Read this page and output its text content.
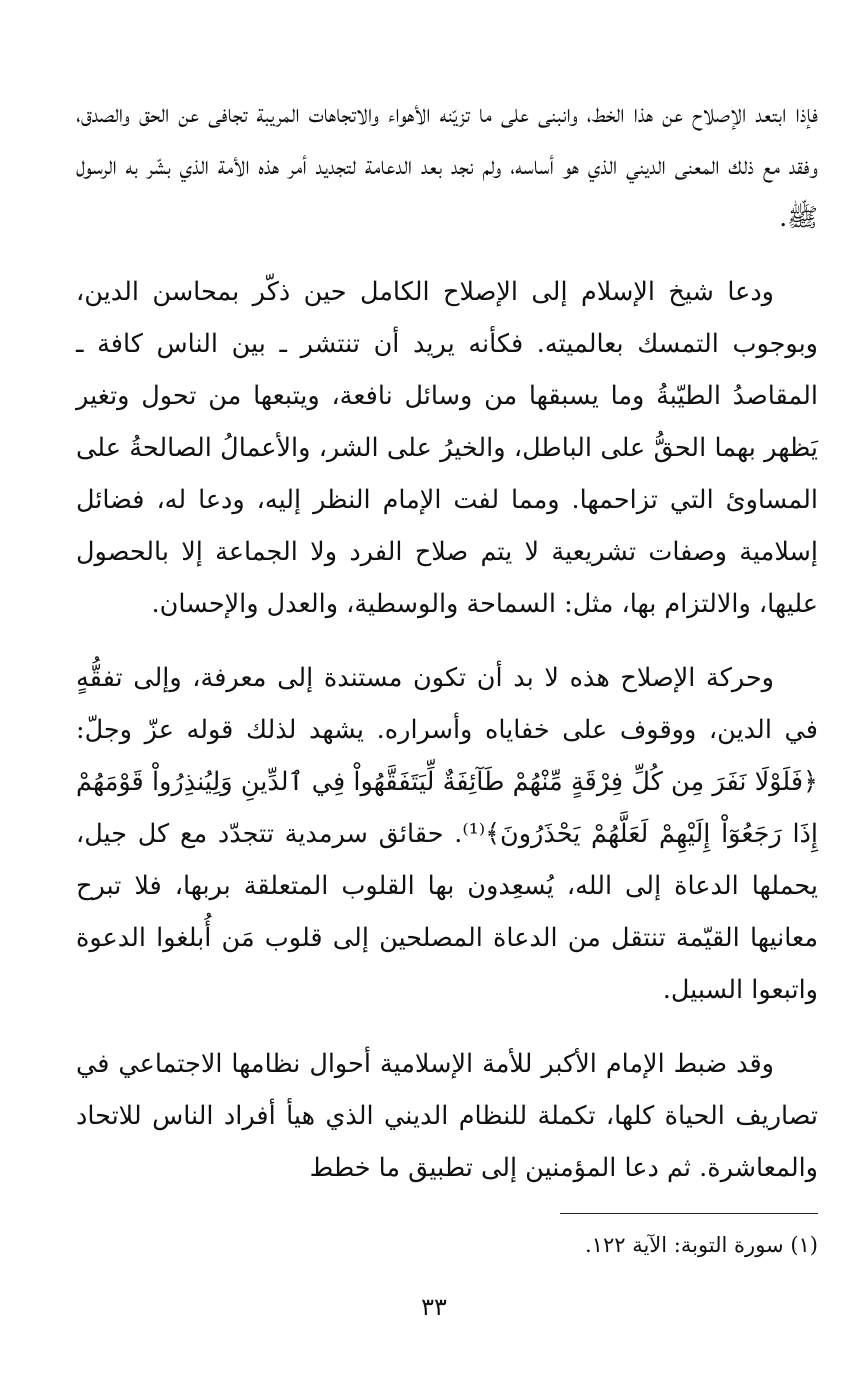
فإذا ابتعد الإصلاح عن هذا الخط، وانبنى على ما تزيّنه الأهواء والاتجاهات المريبة تجافى عن الحق والصدق، وفقد مع ذلك المعنى الديني الذي هو أساسه، ولم نجد بعد الدعامة لتجديد أمر هذه الأمة الذي بشّر به الرسول ﷺ.

ودعا شيخ الإسلام إلى الإصلاح الكامل حين ذكّر بمحاسن الدين، وبوجوب التمسك بعالميته. فكأنه يريد أن تنتشر ـ بين الناس كافة ـ المقاصدُ الطيّبةُ وما يسبقها من وسائل نافعة، ويتبعها من تحول وتغير يَظهر بهما الحقُّ على الباطل، والخيرُ على الشر، والأعمالُ الصالحةُ على المساوئ التي تزاحمها. ومما لفت الإمام النظر إليه، ودعا له، فضائل إسلامية وصفات تشريعية لا يتم صلاح الفرد ولا الجماعة إلا بالحصول عليها، والالتزام بها، مثل: السماحة والوسطية، والعدل والإحسان.

وحركة الإصلاح هذه لا بد أن تكون مستندة إلى معرفة، وإلى تفقُّهٍ في الدين، ووقوف على خفاياه وأسراره. يشهد لذلك قوله عزّ وجلّ: ﴿فَلَوْلَا نَفَرَ مِن كُلِّ فِرْقَةٍ مِّنْهُمْ طَآئِفَةٌ لِّيَتَفَقَّهُواْ فِي ٱلدِّينِ وَلِيُنذِرُواْ قَوْمَهُمْ إِذَا رَجَعُوٓاْ إِلَيْهِمْ لَعَلَّهُمْ يَحْذَرُونَ﴾⁽¹⁾. حقائق سرمدية تتجدّد مع كل جيل، يحملها الدعاة إلى الله، يُسعِدون بها القلوب المتعلقة بربها، فلا تبرح معانيها القيّمة تنتقل من الدعاة المصلحين إلى قلوب مَن أُبلغوا الدعوة واتبعوا السبيل.

وقد ضبط الإمام الأكبر للأمة الإسلامية أحوال نظامها الاجتماعي في تصاريف الحياة كلها، تكملة للنظام الديني الذي هيأ أفراد الناس للاتحاد والمعاشرة. ثم دعا المؤمنين إلى تطبيق ما خطط

(١) سورة التوبة: الآية ١٢٢.
٣٣
